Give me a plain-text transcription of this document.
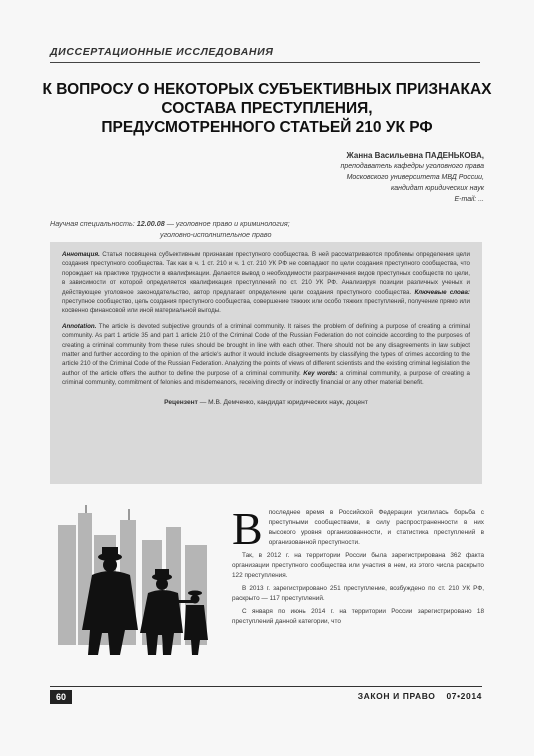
ДИССЕРТАЦИОННЫЕ ИССЛЕДОВАНИЯ
К ВОПРОСУ О НЕКОТОРЫХ СУБЪЕКТИВНЫХ ПРИЗНАКАХ
СОСТАВА ПРЕСТУПЛЕНИЯ,
ПРЕДУСМОТРЕННОГО СТАТЬЕЙ 210 УК РФ
Жанна Васильевна ПАДЕНЬКОВА,
преподаватель кафедры уголовного права
Московского университета МВД России,
кандидат юридических наук
E-mail: ...
Научная специальность: 12.00.08 — уголовное право и криминология;
уголовно-исполнительное право
Аннотация. Статья посвящена субъективным признакам преступного сообщества. В ней рассматриваются проблемы определения цели создания преступного сообщества. Так как в ч. 1 ст. 210 и ч. 1 ст. 210 УК РФ не совпадают по цели создания преступного сообщества, что порождает на практике трудности в квалификации. Делается вывод о необходимости разграничения видов преступных сообществ по цели, в зависимости от которой определяется квалификация преступлений по ст. 210 УК РФ. Анализируя позиции различных ученых и действующее уголовное законодательство, автор предлагает определение цели создания преступного сообщества. Ключевые слова: преступное сообщество, цель создания преступного сообщества, совершение тяжких или особо тяжких преступлений, получение прямо или косвенно финансовой или иной материальной выгоды.
Annotation. The article is devoted subjective grounds of a criminal community. It raises the problem of defining a purpose of creating a criminal community. As part 1 article 35 and part 1 article 210 of the Criminal Code of the Russian Federation do not coincide according to the purposes of creating a criminal community from these rules should be brought in line with each other. There should not be any disagreements in law subject matter and further according to the opinion of the article's author it would include disagreements by classifying the types of crimes according to the article 210 of the Criminal Code of the Russian Federation. Analyzing the points of views of different scientists and the existing criminal legislation the author of the article offers the author to define the purpose of a criminal community. Key words: a criminal community, a purpose of creating a criminal community, commitment of felonies and misdemeanors, receiving directly or indirectly financial or any other material benefit.
Рецензент — М.В. Демченко, кандидат юридических наук, доцент
В последнее время в Российской Федерации усилилась борьба с преступными сообществами, в силу распространенности в них высокого уровня организованности, и статистика преступлений в организованной преступности.

Так, в 2012 г. на территории России была зарегистрирована 362 факта организации преступного сообщества или участия в нем, из этого числа раскрыто 122 преступления.

В 2013 г. зарегистрировано 251 преступление, возбуждено по ст. 210 УК РФ, раскрыто — 117 преступлений.

С января по июнь 2014 г. на территории России зарегистрировано 18 преступлений данной категории, что

60	ЗАКОН И ПРАВО 07•2014
